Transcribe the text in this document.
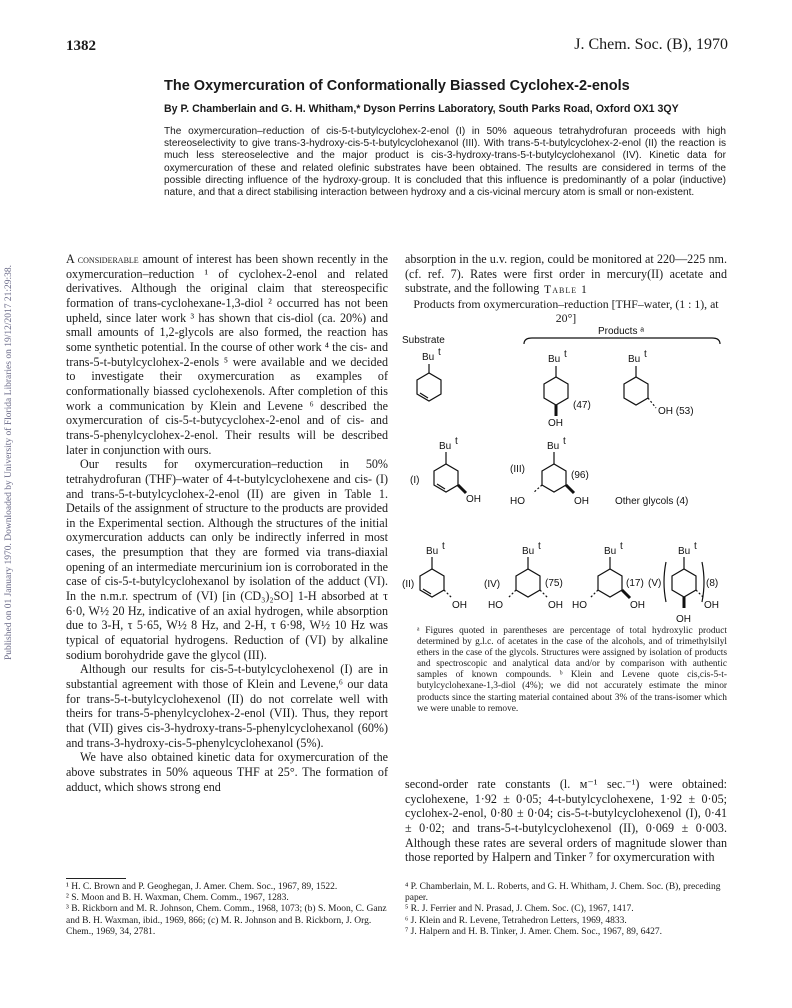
Published on 01 January 1970. Downloaded by University of Florida Libraries on 19/12/2017 21:29:38.
1382	J. Chem. Soc. (B), 1970
The Oxymercuration of Conformationally Biassed Cyclohex-2-enols
By P. Chamberlain and G. H. Whitham,* Dyson Perrins Laboratory, South Parks Road, Oxford OX1 3QY
The oxymercuration–reduction of cis-5-t-butylcyclohex-2-enol (I) in 50% aqueous tetrahydrofuran proceeds with high stereoselectivity to give trans-3-hydroxy-cis-5-t-butylcyclohexanol (III). With trans-5-t-butylcyclohex-2-enol (II) the reaction is much less stereoselective and the major product is cis-3-hydroxy-trans-5-t-butylcyclohexanol (IV). Kinetic data for oxymercuration of these and related olefinic substrates have been obtained. The results are considered in terms of the possible directing influence of the hydroxy-group. It is concluded that this influence is predominantly of a polar (inductive) nature, and that a direct stabilising interaction between hydroxy and a cis-vicinal mercury atom is small or non-existent.

A considerable amount of interest has been shown recently in the oxymercuration–reduction ¹ of cyclohex-2-enol and related derivatives. Although the original claim that stereospecific formation of trans-cyclohexane-1,3-diol ² occurred has not been upheld, since later work ³ has shown that cis-diol (ca. 20%) and small amounts of 1,2-glycols are also formed, the reaction has some synthetic potential. In the course of other work ⁴ the cis- and trans-5-t-butylcyclohex-2-enols ⁵ were available and we decided to investigate their oxymercuration as examples of conformationally biassed cyclohexenols. After completion of this work a communication by Klein and Levene ⁶ described the oxymercuration of cis-5-t-butycyclohex-2-enol and of cis- and trans-5-phenylcyclohex-2-enol. Their results will be described later in conjunction with ours.

Our results for oxymercuration–reduction in 50% tetrahydrofuran (THF)–water of 4-t-butylcyclohexene and cis- (I) and trans-5-t-butylcyclohex-2-enol (II) are given in Table 1. Details of the assignment of structure to the products are provided in the Experimental section. Although the structures of the initial oxymercuration adducts can only be indirectly inferred in most cases, the presumption that they are formed via trans-diaxial opening of an intermediate mercurinium ion is corroborated in the case of cis-5-t-butylcyclohexanol by isolation of the adduct (VI). In the n.m.r. spectrum of (VI) [in (CD₃)₂SO] 1-H absorbed at τ 6·0, W½ 20 Hz, indicative of an axial hydrogen, while absorption due to 3-H, τ 5·65, W½ 8 Hz, and 2-H, τ 6·98, W½ 10 Hz was typical of equatorial hydrogens. Reduction of (VI) by alkaline sodium borohydride gave the glycol (III).

Although our results for cis-5-t-butylcyclohexenol (I) are in substantial agreement with those of Klein and Levene,⁶ our data for trans-5-t-butylcyclohexenol (II) do not correlate well with theirs for trans-5-phenylcyclohex-2-enol (VII). Thus, they report that (VII) gives cis-3-hydroxy-trans-5-phenylcyclohexanol (60%) and trans-3-hydroxy-cis-5-phenylcyclohexanol (5%).

We have also obtained kinetic data for oxymercuration of the above substrates in 50% aqueous THF at 25°. The formation of adduct, which shows strong end

absorption in the u.v. region, could be monitored at 220—225 nm. (cf. ref. 7). Rates were first order in mercury(II) acetate and substrate, and the following Table 1
Products from oxymercuration–reduction [THF–water, (1 : 1), at 20°]
Substrate
Products ᵃ
Bu t
Bu t	Bu t
(47)
OH
OH (53)
Bu t	Bu t
(I)
OH
(III)
(96)
HO	OH	Other glycols (4)
Bu t	Bu t	Bu t	Bu t
(II)
OH
(IV)	(75)
HO	OH
(17)
HO	OH
(V)	(8)
OH
OH
ᵃ Figures quoted in parentheses are percentage of total hydroxylic product determined by g.l.c. of acetates in the case of the alcohols, and of trimethylsilyl ethers in the case of the glycols. Structures were assigned by isolation of products and spectroscopic and analytical data and/or by comparison with authentic samples of known compounds. ᵇ Klein and Levene quote cis,cis-5-t-butylcyclohexane-1,3-diol (4%); we did not accurately estimate the minor products since the starting material contained about 3% of the trans-isomer which we were unable to remove.

second-order rate constants (l. ᴍ⁻¹ sec.⁻¹) were obtained: cyclohexene, 1·92 ± 0·05; 4-t-butylcyclohexene, 1·92 ± 0·05; cyclohex-2-enol, 0·80 ± 0·04; cis-5-t-butylcyclohexenol (I), 0·41 ± 0·02; and trans-5-t-butylcyclohexenol (II), 0·069 ± 0·003. Although these rates are several orders of magnitude slower than those reported by Halpern and Tinker ⁷ for oxymercuration with

¹ H. C. Brown and P. Geoghegan, J. Amer. Chem. Soc., 1967, 89, 1522.

² S. Moon and B. H. Waxman, Chem. Comm., 1967, 1283.

³ B. Rickborn and M. R. Johnson, Chem. Comm., 1968, 1073; (b) S. Moon, C. Ganz and B. H. Waxman, ibid., 1969, 866; (c) M. R. Johnson and B. Rickborn, J. Org. Chem., 1969, 34, 2781.

⁴ P. Chamberlain, M. L. Roberts, and G. H. Whitham, J. Chem. Soc. (B), preceding paper.

⁵ R. J. Ferrier and N. Prasad, J. Chem. Soc. (C), 1967, 1417.

⁶ J. Klein and R. Levene, Tetrahedron Letters, 1969, 4833.

⁷ J. Halpern and H. B. Tinker, J. Amer. Chem. Soc., 1967, 89, 6427.
